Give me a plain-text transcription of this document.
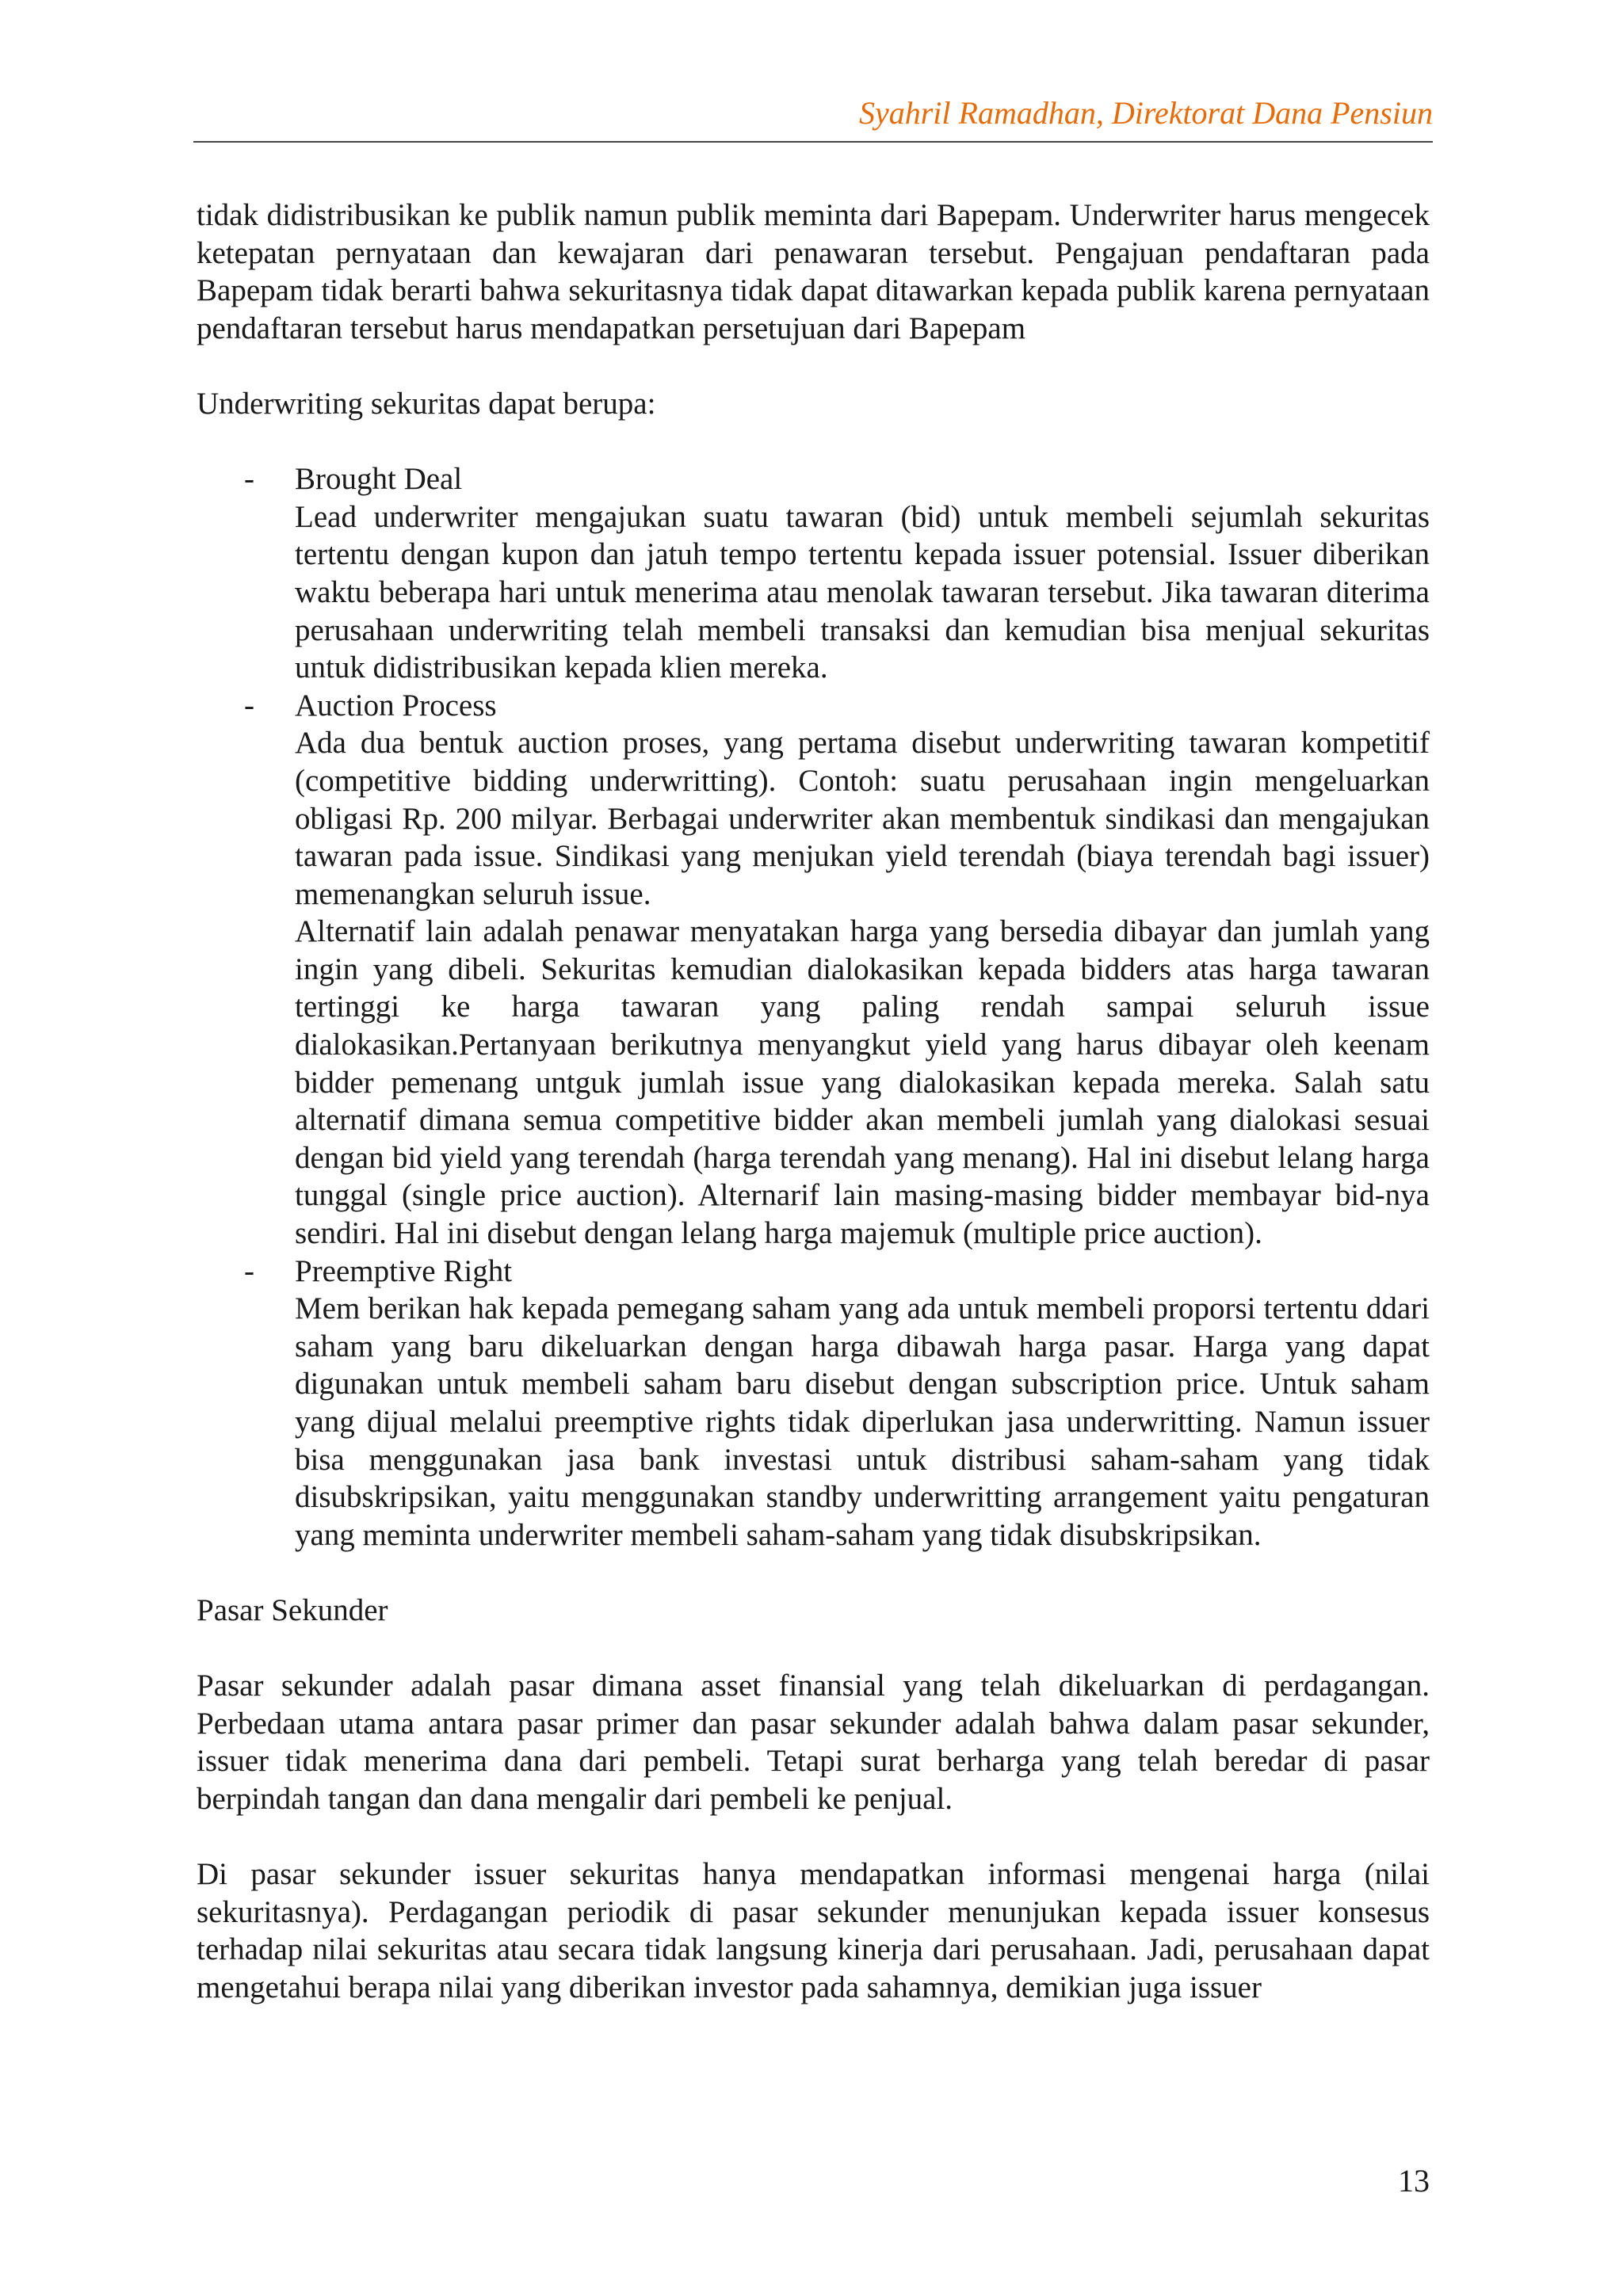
Syahril Ramadhan, Direktorat Dana Pensiun

tidak didistribusikan ke publik namun publik meminta dari Bapepam. Underwriter harus mengecek ketepatan pernyataan dan kewajaran dari penawaran tersebut. Pengajuan pendaftaran pada Bapepam tidak berarti bahwa sekuritasnya tidak dapat ditawarkan kepada publik karena pernyataan pendaftaran tersebut harus mendapatkan persetujuan dari Bapepam

Underwriting sekuritas dapat berupa:

- Brought Deal

Lead underwriter mengajukan suatu tawaran (bid) untuk membeli sejumlah sekuritas tertentu dengan kupon dan jatuh tempo tertentu kepada issuer potensial. Issuer diberikan waktu beberapa hari untuk menerima atau menolak tawaran tersebut. Jika tawaran diterima perusahaan underwriting telah membeli transaksi dan kemudian bisa menjual sekuritas untuk didistribusikan kepada klien mereka.

- Auction Process

Ada dua bentuk auction proses, yang pertama disebut underwriting tawaran kompetitif (competitive bidding underwritting). Contoh: suatu perusahaan ingin mengeluarkan obligasi Rp. 200 milyar. Berbagai underwriter akan membentuk sindikasi dan mengajukan tawaran pada issue. Sindikasi yang menjukan yield terendah (biaya terendah bagi issuer) memenangkan seluruh issue.

Alternatif lain adalah penawar menyatakan harga yang bersedia dibayar dan jumlah yang ingin yang dibeli. Sekuritas kemudian dialokasikan kepada bidders atas harga tawaran tertinggi ke harga tawaran yang paling rendah sampai seluruh issue dialokasikan.Pertanyaan berikutnya menyangkut yield yang harus dibayar oleh keenam bidder pemenang untguk jumlah issue yang dialokasikan kepada mereka. Salah satu alternatif dimana semua competitive bidder akan membeli jumlah yang dialokasi sesuai dengan bid yield yang terendah (harga terendah yang menang). Hal ini disebut lelang harga tunggal (single price auction). Alternarif lain masing-masing bidder membayar bid-nya sendiri. Hal ini disebut dengan lelang harga majemuk (multiple price auction).

- Preemptive Right

Mem berikan hak kepada pemegang saham yang ada untuk membeli proporsi tertentu ddari saham yang baru dikeluarkan dengan harga dibawah harga pasar. Harga yang dapat digunakan untuk membeli saham baru disebut dengan subscription price. Untuk saham yang dijual melalui preemptive rights tidak diperlukan jasa underwritting. Namun issuer bisa menggunakan jasa bank investasi untuk distribusi saham-saham yang tidak disubskripsikan, yaitu menggunakan standby underwritting arrangement yaitu pengaturan yang meminta underwriter membeli saham-saham yang tidak disubskripsikan.

Pasar Sekunder

Pasar sekunder adalah pasar dimana asset finansial yang telah dikeluarkan di perdagangan. Perbedaan utama antara pasar primer dan pasar sekunder adalah bahwa dalam pasar sekunder, issuer tidak menerima dana dari pembeli. Tetapi surat berharga yang telah beredar di pasar berpindah tangan dan dana mengalir dari pembeli ke penjual.

Di pasar sekunder issuer sekuritas hanya mendapatkan informasi mengenai harga (nilai sekuritasnya). Perdagangan periodik di pasar sekunder menunjukan kepada issuer konsesus terhadap nilai sekuritas atau secara tidak langsung kinerja dari perusahaan. Jadi, perusahaan dapat mengetahui berapa nilai yang diberikan investor pada sahamnya, demikian juga issuer

13
